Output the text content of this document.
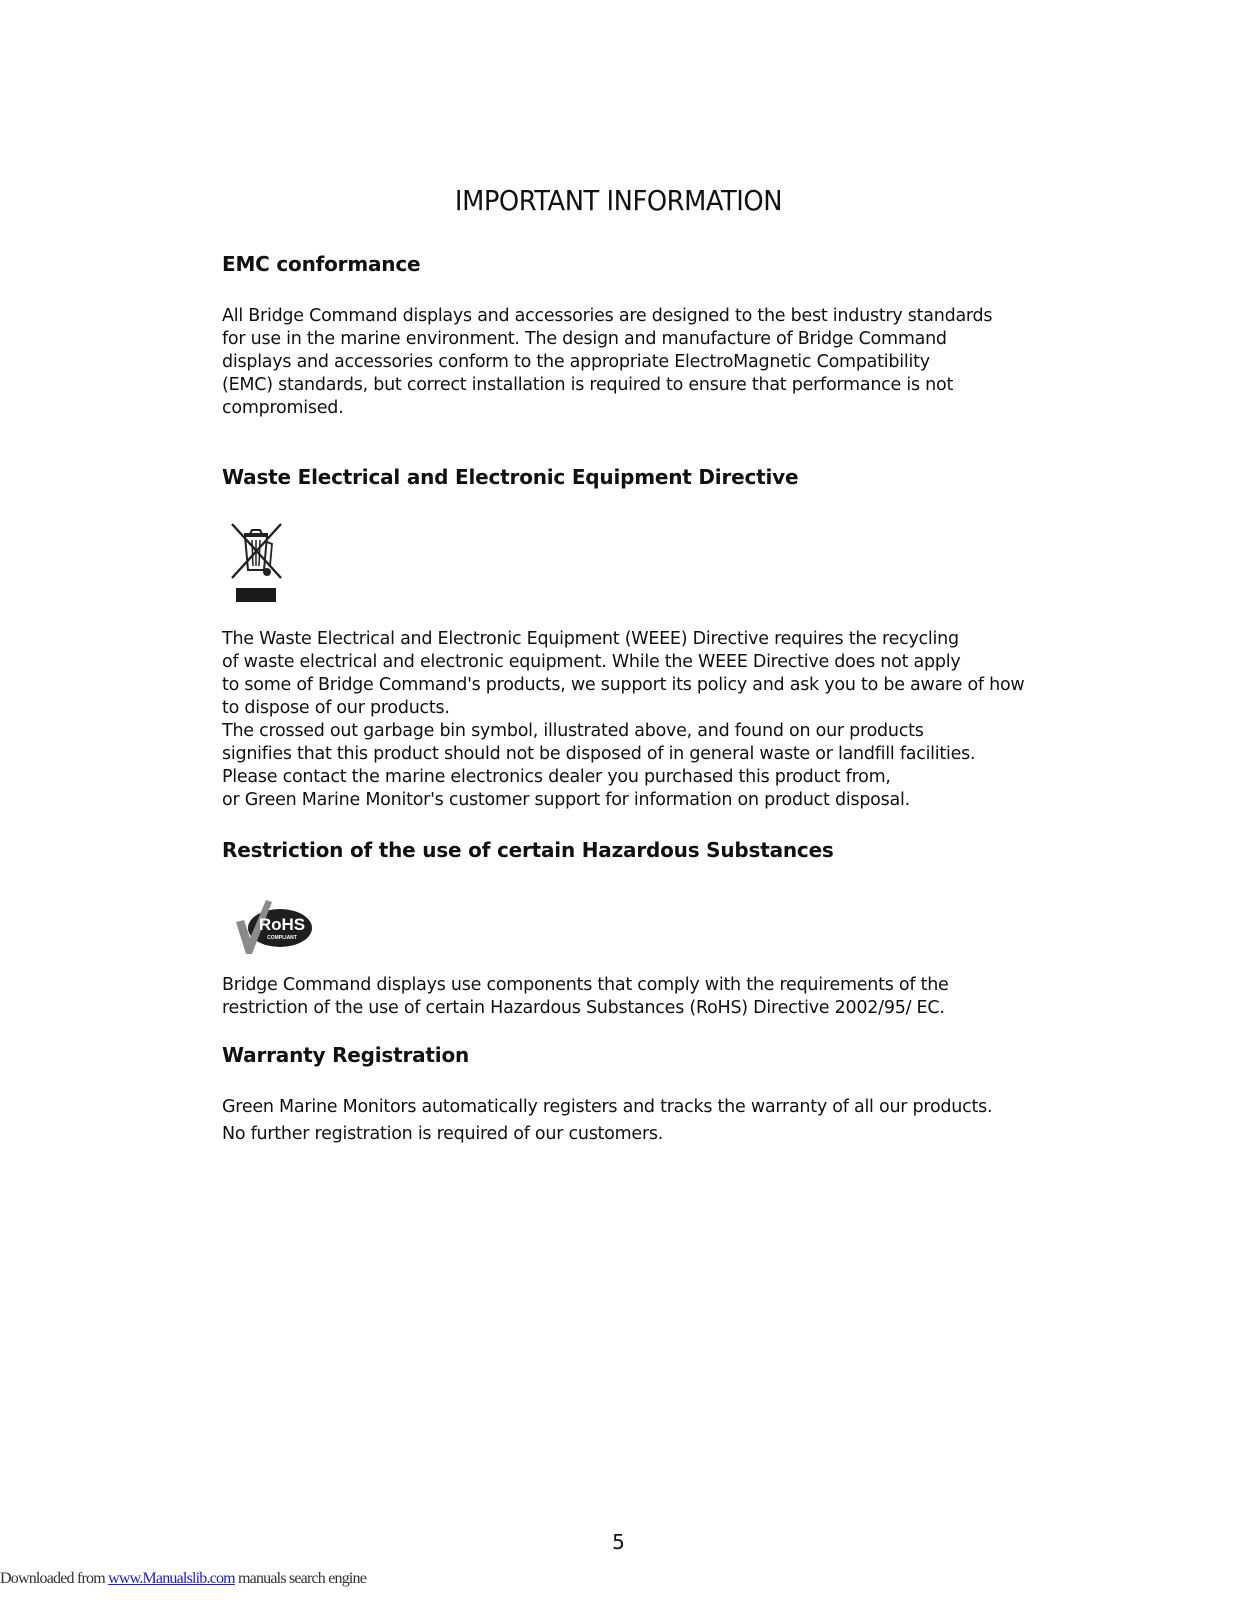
IMPORTANT INFORMATION
EMC conformance

All Bridge Command displays and accessories are designed to the best industry standards
for use in the marine environment. The design and manufacture of Bridge Command
displays and accessories conform to the appropriate ElectroMagnetic Compatibility
(EMC) standards, but correct installation is required to ensure that performance is not
compromised.

Waste Electrical and Electronic Equipment Directive

The Waste Electrical and Electronic Equipment (WEEE) Directive requires the recycling
of waste electrical and electronic equipment. While the WEEE Directive does not apply
to some of Bridge Command's products, we support its policy and ask you to be aware of how
to dispose of our products.
The crossed out garbage bin symbol, illustrated above, and found on our products
signifies that this product should not be disposed of in general waste or landfill facilities.
Please contact the marine electronics dealer you purchased this product from,
or Green Marine Monitor's customer support for information on product disposal.

Restriction of the use of certain Hazardous Substances
RoHS
COMPLIANT

Bridge Command displays use components that comply with the requirements of the
restriction of the use of certain Hazardous Substances (RoHS) Directive 2002/95/ EC.

Warranty Registration

Green Marine Monitors automatically registers and tracks the warranty of all our products.
No further registration is required of our customers.

5

Downloaded from www.Manualslib.com manuals search engine
